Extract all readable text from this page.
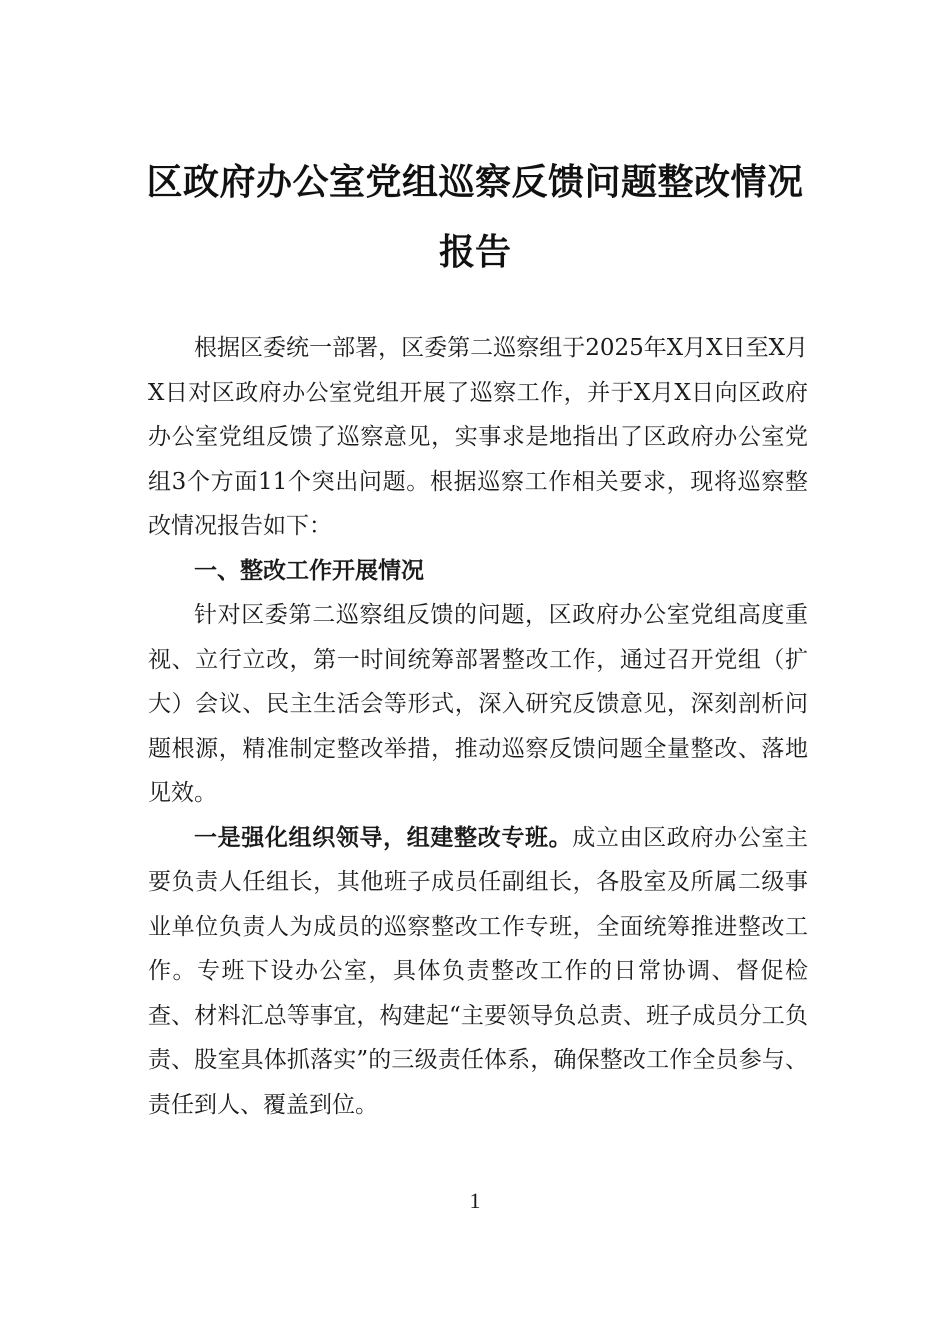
区政府办公室党组巡察反馈问题整改情况
报告

根据区委统一部署，区委第二巡察组于2025年X月X日至X月X日对区政府办公室党组开展了巡察工作，并于X月X日向区政府办公室党组反馈了巡察意见，实事求是地指出了区政府办公室党组3个方面11个突出问题。根据巡察工作相关要求，现将巡察整改情况报告如下：

一、整改工作开展情况

针对区委第二巡察组反馈的问题，区政府办公室党组高度重视、立行立改，第一时间统筹部署整改工作，通过召开党组（扩大）会议、民主生活会等形式，深入研究反馈意见，深刻剖析问题根源，精准制定整改举措，推动巡察反馈问题全量整改、落地见效。

一是强化组织领导，组建整改专班。成立由区政府办公室主要负责人任组长，其他班子成员任副组长，各股室及所属二级事业单位负责人为成员的巡察整改工作专班，全面统筹推进整改工作。专班下设办公室，具体负责整改工作的日常协调、督促检查、材料汇总等事宜，构建起“主要领导负总责、班子成员分工负责、股室具体抓落实”的三级责任体系，确保整改工作全员参与、责任到人、覆盖到位。

1
